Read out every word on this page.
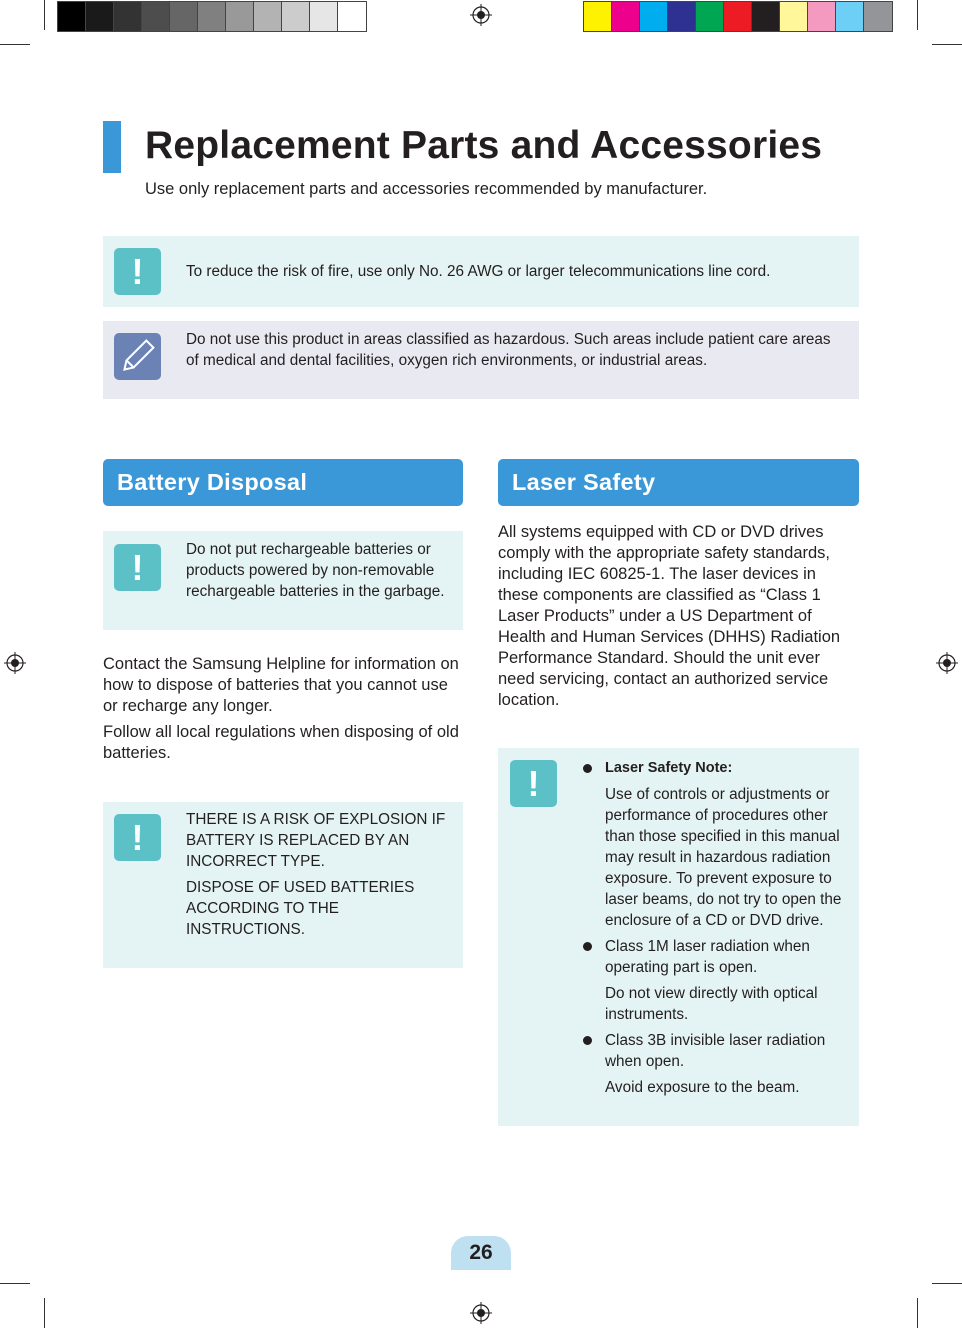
Replacement Parts and Accessories
Use only replacement parts and accessories recommended by manufacturer.
!	To reduce the risk of fire, use only No. 26 AWG or larger telecommunications line cord.
Do not use this product in areas classified as hazardous. Such areas include patient care areas of medical and dental facilities, oxygen rich environments, or industrial areas.
Battery Disposal
!	Do not put rechargeable batteries or products powered by non-removable rechargeable batteries in the garbage.

Contact the Samsung Helpline for information on how to dispose of batteries that you cannot use or recharge any longer.

Follow all local regulations when disposing of old batteries.

!	THERE IS A RISK OF EXPLOSION IF BATTERY IS REPLACED BY AN INCORRECT TYPE.
DISPOSE OF USED BATTERIES ACCORDING TO THE INSTRUCTIONS.
Laser Safety
All systems equipped with CD or DVD drives comply with the appropriate safety standards, including IEC 60825-1. The laser devices in these components are classified as “Class 1 Laser Products” under a US Department of Health and Human Services (DHHS) Radiation Performance Standard. Should the unit ever need servicing, contact an authorized service location.
!	Laser Safety Note:

Use of controls or adjustments or performance of procedures other than those specified in this manual may result in hazardous radiation exposure. To prevent exposure to laser beams, do not try to open the enclosure of a CD or DVD drive.

Class 1M laser radiation when operating part is open.

Do not view directly with optical instruments.

Class 3B invisible laser radiation when open.

Avoid exposure to the beam.

26
